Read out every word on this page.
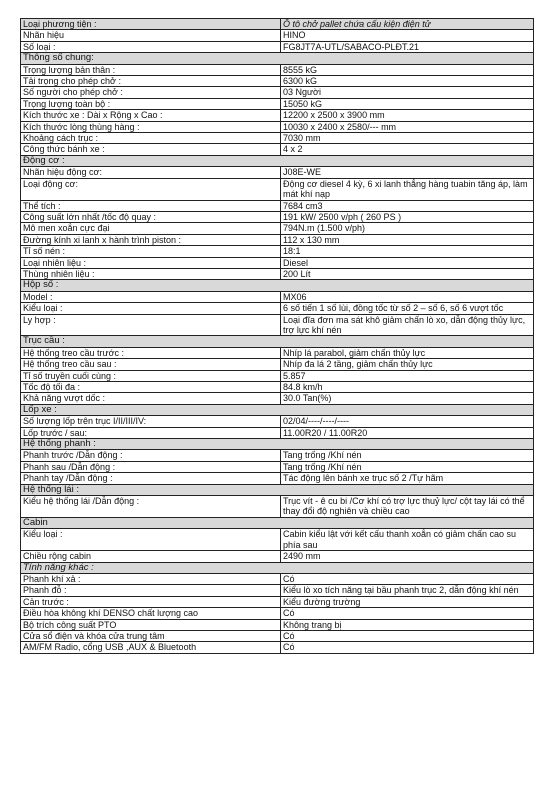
Loại phương tiện :	Ô tô chở pallet chứa cấu kiện điện tử
Nhãn hiệu	HINO
Số loại :	FG8JT7A-UTL/SABACO-PLĐT.21
Thông số chung:	
Trọng lượng bản thân :	8555 kG
Tải trọng cho phép chở :	6300 kG
Số người cho phép chở :	03 Người
Trọng lượng toàn bộ :	15050 kG
Kích thước xe : Dài x Rộng x Cao :	12200 x 2500 x 3900 mm
Kích thước lòng thùng hàng :	10030 x 2400 x 2580/--- mm
Khoảng cách trục :	7030 mm
Công thức bánh xe :	4 x 2
Động cơ :	
Nhãn hiệu động cơ:	J08E-WE
Loại động cơ:	Động cơ diesel 4 kỳ, 6 xi lanh thẳng hàng tuabin tăng áp, làm mát khí nạp
Thể tích :	7684 cm3
Công suất lớn nhất /tốc độ quay :	191 kW/ 2500 v/ph ( 260 PS )
Mô men xoắn cực đại	794N.m (1.500 v/ph)
Đường kính xi lanh x hành trình piston :	112 x 130 mm
Tỉ số nén :	18:1
Loại nhiên liệu :	Diesel
Thùng nhiên liệu :	200 Lít
Hộp số :	
Model :	MX06
Kiểu loại :	6 số tiến 1 số lùi, đồng tốc từ số 2 – số 6, số 6 vượt tốc
Ly hợp :	Loại đĩa đơn ma sát khô giảm chấn lò xo, dẫn động thủy lực, trợ lực khí nén
Trục cầu :	
Hệ thống treo cầu trước :	Nhíp lá parabol, giảm chấn thủy lực
Hệ thống treo cầu sau :	Nhíp đa lá 2 tầng, giảm chấn thủy lực
Tỉ số truyền cuối cùng :	5.857
Tốc độ tối đa :	84.8 km/h
Khả năng vượt dốc :	30.0 Tan(%)
Lốp xe :	
Số lượng lốp trên trục I/II/III/IV:	02/04/----/----/----
Lốp trước / sau:	11.00R20 / 11.00R20
Hệ thống phanh :	
Phanh trước /Dẫn động :	Tang trống /Khí nén
Phanh sau /Dẫn động :	Tang trống /Khí nén
Phanh tay /Dẫn động :	Tác động lên bánh xe trục số 2 /Tự hãm
Hệ thống lái :	
Kiểu hệ thống lái /Dẫn động :	Trục vít - ê cu bi /Cơ khí có trợ lực thuỷ lực/ cột tay lái có thể thay đổi độ nghiên và chiều cao
Cabin	
Kiểu loại :	Cabin kiểu lật với kết cấu thanh xoắn có giảm chấn cao su phía sau
Chiều rộng cabin	2490 mm
Tính năng khác :	
Phanh khí xả :	Có
Phanh đỗ :	Kiểu lò xo tích năng tại bầu phanh trục 2, dẫn động khí nén
Cản trước :	Kiểu đường trường
Điều hòa không khí DENSO chất lượng cao	Có
Bộ trích công suất PTO	Không trang bị
Cửa sổ điện và khóa cửa trung tâm	Có
AM/FM Radio, cổng USB ,AUX & Bluetooth	Có
